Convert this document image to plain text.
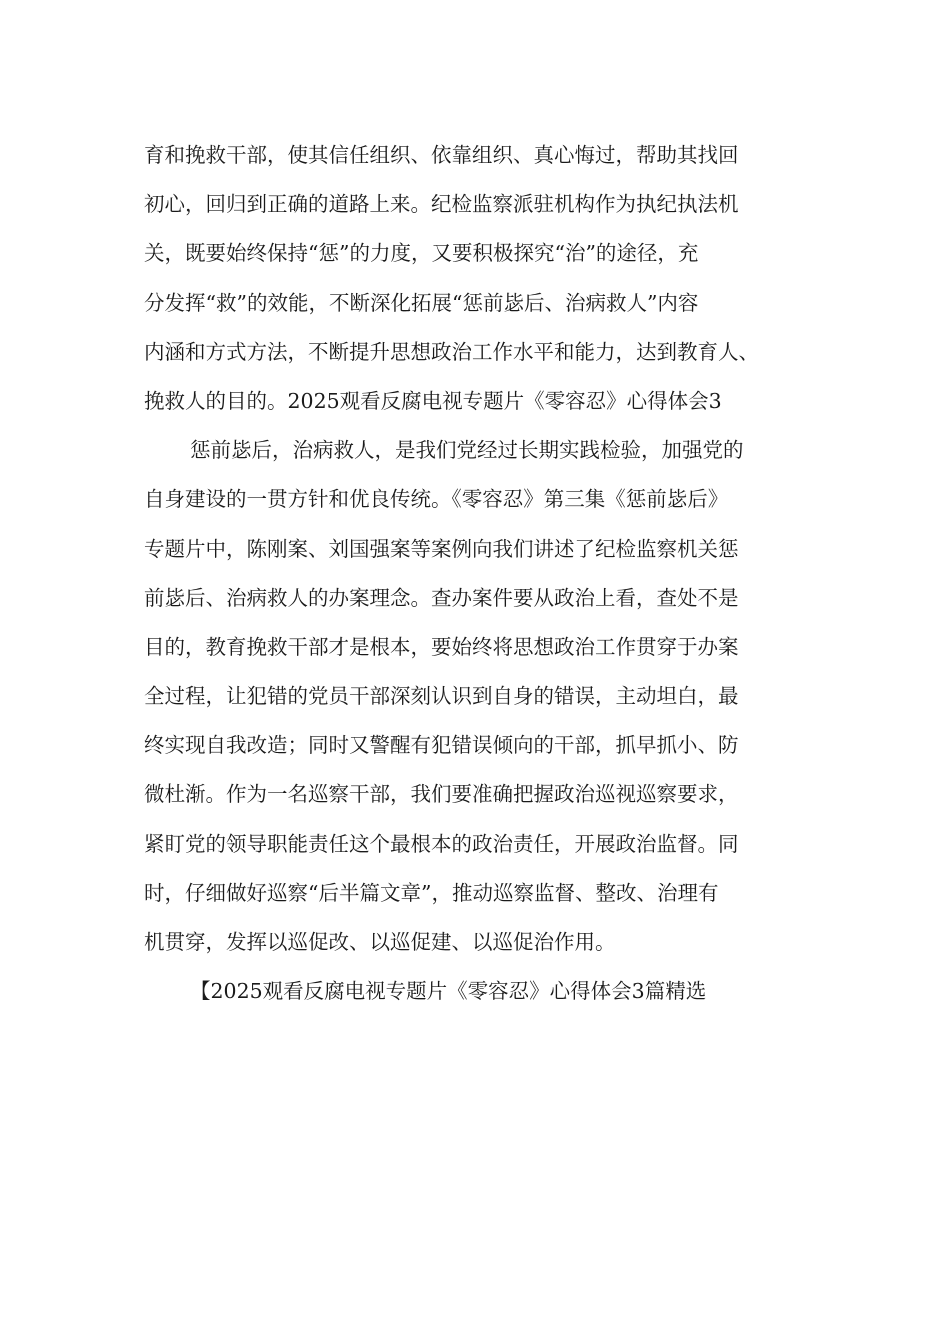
育和挽救干部，使其信任组织、依靠组织、真心悔过，帮助其找回
初心，回归到正确的道路上来。纪检监察派驻机构作为执纪执法机
关，既要始终保持“惩”的力度，又要积极探究“治”的途径，充
分发挥“救”的效能，不断深化拓展“惩前毖后、治病救人”内容
内涵和方式方法，不断提升思想政治工作水平和能力，达到教育人、
挽救人的目的。2025观看反腐电视专题片《零容忍》心得体会3
惩前毖后，治病救人，是我们党经过长期实践检验，加强党的
自身建设的一贯方针和优良传统。《零容忍》第三集《惩前毖后》
专题片中，陈刚案、刘国强案等案例向我们讲述了纪检监察机关惩
前毖后、治病救人的办案理念。查办案件要从政治上看，查处不是
目的，教育挽救干部才是根本，要始终将思想政治工作贯穿于办案
全过程，让犯错的党员干部深刻认识到自身的错误，主动坦白，最
终实现自我改造；同时又警醒有犯错误倾向的干部，抓早抓小、防
微杜渐。作为一名巡察干部，我们要准确把握政治巡视巡察要求，
紧盯党的领导职能责任这个最根本的政治责任，开展政治监督。同
时，仔细做好巡察“后半篇文章”，推动巡察监督、整改、治理有
机贯穿，发挥以巡促改、以巡促建、以巡促治作用。
【2025观看反腐电视专题片《零容忍》心得体会3篇精选
